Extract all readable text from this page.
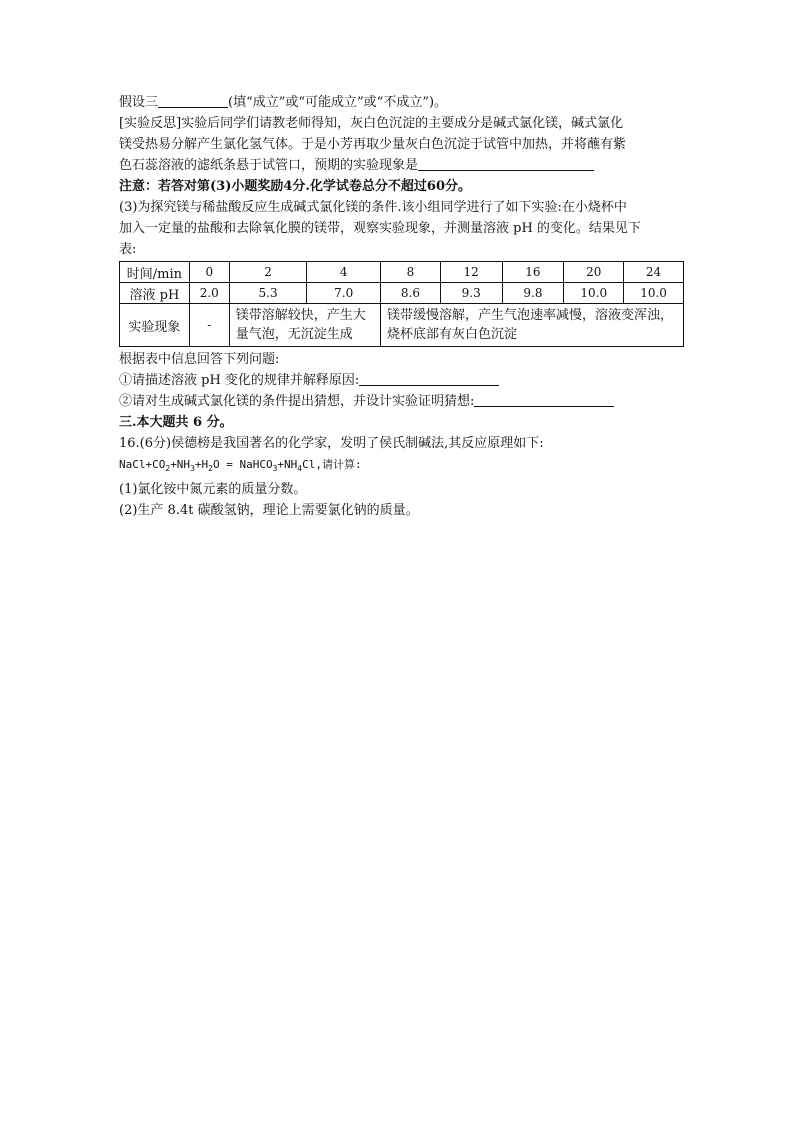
假设三	(填“成立”或“可能成立”或“不成立”)。
[实验反思]实验后同学们请教老师得知，灰白色沉淀的主要成分是碱式氯化镁，碱式氯化
镁受热易分解产生氯化氢气体。于是小芳再取少量灰白色沉淀于试管中加热，并将蘸有紫
色石蕊溶液的滤纸条悬于试管口，预期的实验现象是
注意：若答对第(3)小题奖励4分.化学试卷总分不超过60分。
(3)为探究镁与稀盐酸反应生成碱式氯化镁的条件.该小组同学进行了如下实验:在小烧杯中
加入一定量的盐酸和去除氧化膜的镁带，观察实验现象，并测量溶液 pH 的变化。结果见下
表:
时间/min	0	2	4	8	12	16	20	24
溶液 pH	2.0	5.3	7.0	8.6	9.3	9.8	10.0	10.0
实验现象	-	镁带溶解较快，产生大量气泡，无沉淀生成		镁带缓慢溶解，产生气泡速率减慢，溶液变浑浊，烧杯底部有灰白色沉淀				
根据表中信息回答下列问题:
①请描述溶液 pH 变化的规律并解释原因:
②请对生成碱式氯化镁的条件提出猜想，并设计实验证明猜想:
三.本大题共 6 分。
16.(6分)侯德榜是我国著名的化学家，发明了侯氏制碱法,其反应原理如下:
$NaCl+CO_2+NH_3+H_2O$ = $NaHCO_3+NH_4Cl$,请计算:
(1)氯化铵中氮元素的质量分数。
(2)生产 8.4t 碳酸氢钠，理论上需要氯化钠的质量。
